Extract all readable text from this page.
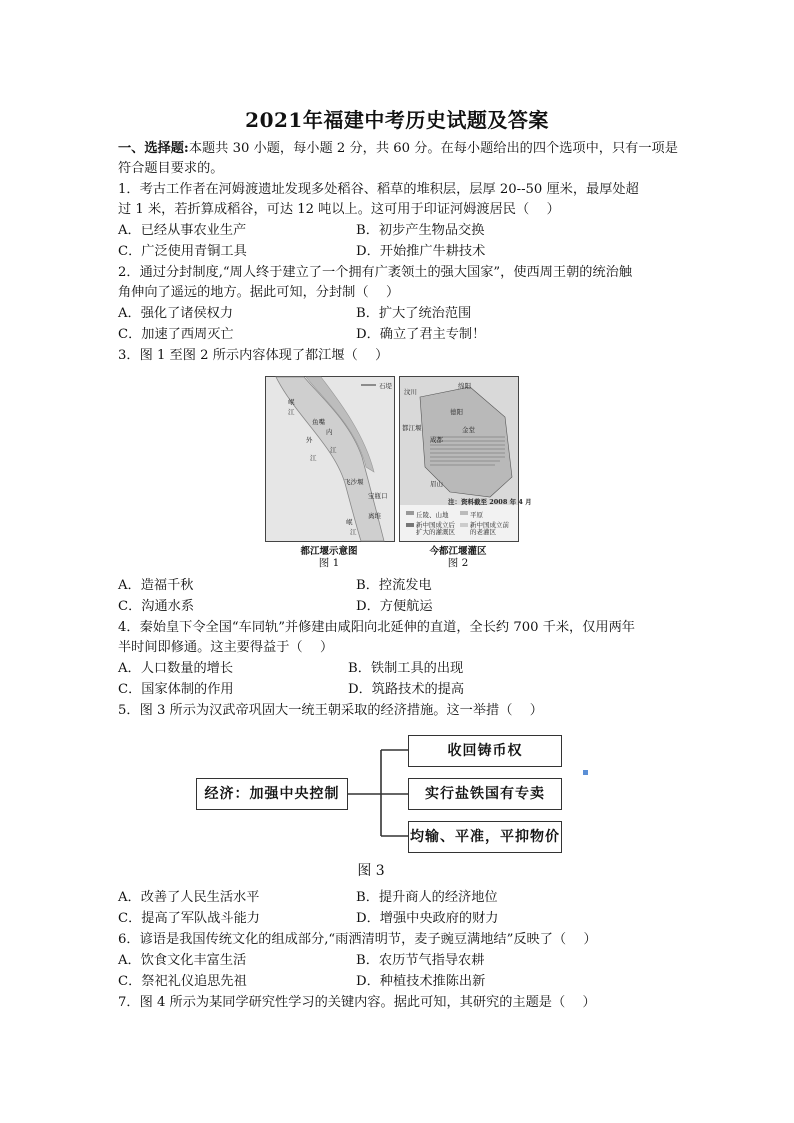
2021年福建中考历史试题及答案
一、选择题:本题共 30 小题，每小题 2 分，共 60 分。在每小题给出的四个选项中，只有一项是符合题目要求的。
1．考古工作者在河姆渡遗址发现多处稻谷、稻草的堆积层，层厚 20--50 厘米，最厚处超
过 1 米，若折算成稻谷，可达 12 吨以上。这可用于印证河姆渡居民（　 ）
A．已经从事农业生产	B．初步产生物品交换
C．广泛使用青铜工具	D．开始推广牛耕技术
2．通过分封制度,“周人终于建立了一个拥有广袤领土的强大国家”，使西周王朝的统治触
角伸向了遥远的地方。据此可知，分封制（　 ）
A．强化了诸侯权力	B．扩大了统治范围
C．加速了西周灭亡	D．确立了君主专制！
3．图 1 至图 2 所示内容体现了都江堰（　 ）
石堤
岷
江
鱼嘴
外
内
江
江
飞沙堰
宝瓶口
离堆
岷
江
都江堰示意图
图 1
绵阳
汶川
德阳
都江堰
成都
金堂
眉山
注：资料截至 2008 年 4 月
丘陵、山地	平原
新中国成立后扩大的灌溉区
新中国成立前的老灌区
今都江堰灌区
图 2
A．造福千秋	B．控流发电
C．沟通水系	D．方便航运
4．秦始皇下令全国“车同轨”并修建由咸阳向北延伸的直道，全长约 700 千米，仅用两年
半时间即修通。这主要得益于（　 ）
A．人口数量的增长	B．铁制工具的出现
C．国家体制的作用	D．筑路技术的提高
5．图 3 所示为汉武帝巩固大一统王朝采取的经济措施。这一举措（　 ）
经济：加强中央控制
收回铸币权
实行盐铁国有专卖
均输、平准，平抑物价
图 3
A．改善了人民生活水平	B．提升商人的经济地位
C．提高了军队战斗能力	D．增强中央政府的财力
6．谚语是我国传统文化的组成部分,“雨洒清明节，麦子豌豆满地结”反映了（　 ）
A．饮食文化丰富生活	B．农历节气指导农耕
C．祭祀礼仪追思先祖	D．种植技术推陈出新
7．图 4 所示为某同学研究性学习的关键内容。据此可知，其研究的主题是（　 ）
